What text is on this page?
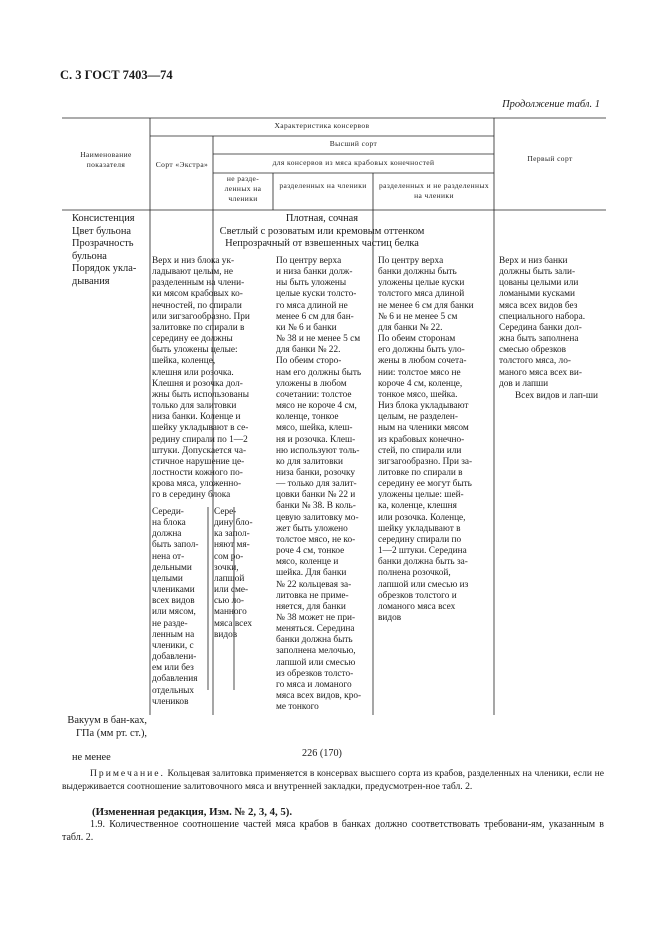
С. 3 ГОСТ 7403—74
Продолженuе табл. 1
Наименование показателя
Характеристика консервов
Высший сорт
Сорт «Экстра»	для консервов из мяса крабовых конечностей
не разде-ленных на членики
разделенных на членики	разделенных и не разделенных на членики
Первый сорт
Консистенция
Цвет бульона
Прозрачность бульона
Порядок укла-дывания
Вакуум в бан-ках, ГПа (мм рт. ст.),
не менее
Плотная, сочная
Светлый с розоватым или кремовым оттенком
Непрозрачный от взвешенных частиц белка
Верх и низ блока ук-
ладывают целым, не
разделенным на члени-
ки мясом крабовых ко-
нечностей, по спирали
или зигзагообразно. При
залитовке по спирали в
середину ее должны
быть уложены целые:
шейка, коленце,
клешня или розочка.
Клешня и розочка дол-
жны быть использованы
только для залитовки
низа банки. Коленце и
шейку укладывают в се-
редину спирали по 1—2
штуки. Допускается ча-
стичное нарушение це-
лостности кожного по-
крова мяса, уложенно-
го в середину блока
Середи-
на блока
должна
быть запол-
нена от-
дельными
целыми
члениками
всех видов
или мясом,
не разде-
ленным на
членики, с
добавлени-
ем или без
добавления
отдельных
члеников
Сере-
дину бло-
ка запол-
няют мя-
сом ро-
зочки,
лапшой
или сме-
сью ло-
манного
мяса всех
видов
По центру верха
и низа банки долж-
ны быть уложены
целые куски толсто-
го мяса длиной не
менее 6 см для бан-
ки № 6 и банки
№ 38 и не менее 5 см
для банки № 22.
По обеим сторо-
нам его должны быть
уложены в любом
сочетании: толстое
мясо не короче 4 см,
коленце, тонкое
мясо, шейка, клеш-
ня и розочка. Клеш-
ню используют толь-
ко для залитовки
низа банки, розочку
— только для залит-
цовки банки № 22 и
банки № 38. В коль-
цевую залитовку мо-
жет быть уложено
толстое мясо, не ко-
роче 4 см, тонкое
мясо, коленце и
шейка. Для банки
№ 22 кольцевая за-
литовка не приме-
няется, для банки
№ 38 может не при-
меняться. Середина
банки должна быть
заполнена мелочью,
лапшой или смесью
из обрезков толсто-
го мяса и ломаного
мяса всех видов, кро-
ме тонкого
По центру верха
банки должны быть
уложены целые куски
толстого мяса длиной
не менее 6 см для банки
№ 6 и не менее 5 см
для банки № 22.
По обеим сторонам
его должны быть уло-
жены в любом сочета-
нии: толстое мясо не
короче 4 см, коленце,
тонкое мясо, шейка.
Низ блока укладывают
целым, не разделен-
ным на членики мясом
из крабовых конечно-
стей, по спирали или
зигзагообразно. При за-
литовке по спирали в
середину ее могут быть
уложены целые: шей-
ка, коленце, клешня
или розочка. Коленце,
шейку укладывают в
середину спирали по
1—2 штуки. Середина
банки должна быть за-
полнена розочкой,
лапшой или смесью из
обрезков толстого и
ломаного мяса всех
видов
Верх и низ банки
должны быть зали-
цованы целыми или
ломаными кусками
мяса всех видов без
специального набора.
Середина банки дол-
жна быть заполнена
смесью обрезков
толстого мяса, ло-
маного мяса всех ви-
дов и лапши
Всех видов и лап-ши
226 (170)
Примечание. Кольцевая залитовка применяется в консервах высшего сорта из крабов, разделенных на членики, если не выдерживается соотношение залитовочного мяса и внутренней закладки, предусмотрен-ное табл. 2.
(Измененная редакция, Изм. № 2, 3, 4, 5).
1.9. Количественное соотношение частей мяса крабов в банках должно соответствовать требовани-ям, указанным в табл. 2.
